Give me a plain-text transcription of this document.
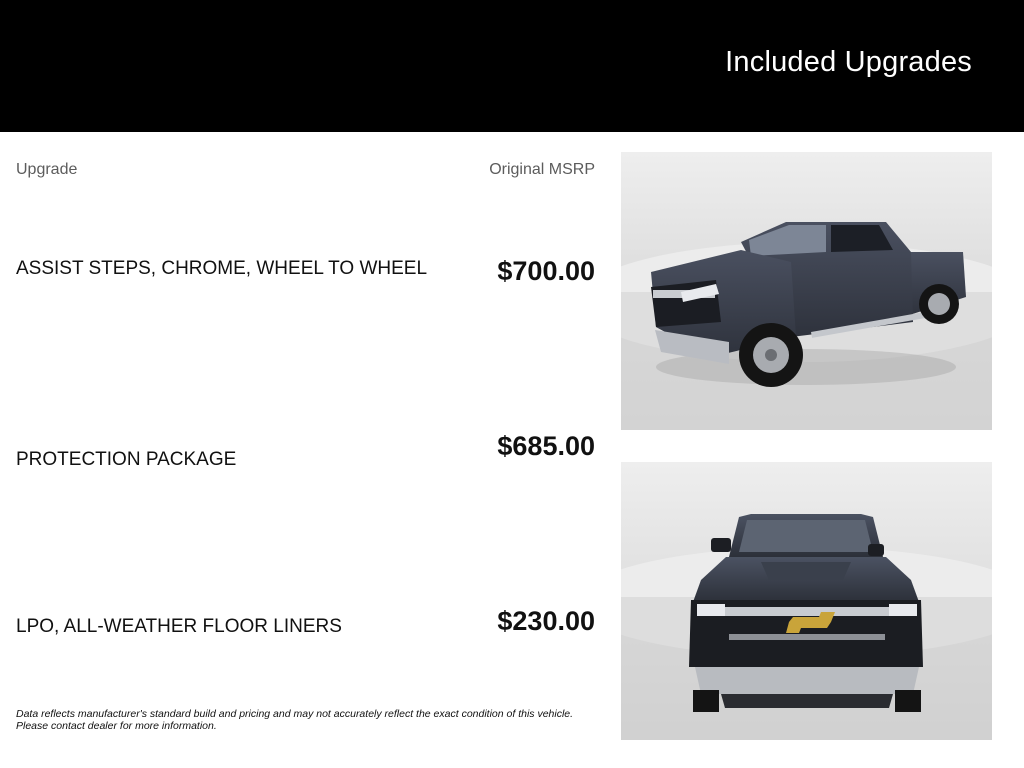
Included Upgrades
Upgrade	Original MSRP
ASSIST STEPS, CHROME, WHEEL TO WHEEL	$700.00
PROTECTION PACKAGE	$685.00
LPO, ALL-WEATHER FLOOR LINERS	$230.00
Data reflects manufacturer's standard build and pricing and may not accurately reflect the exact condition of this vehicle. Please contact dealer for more information.
